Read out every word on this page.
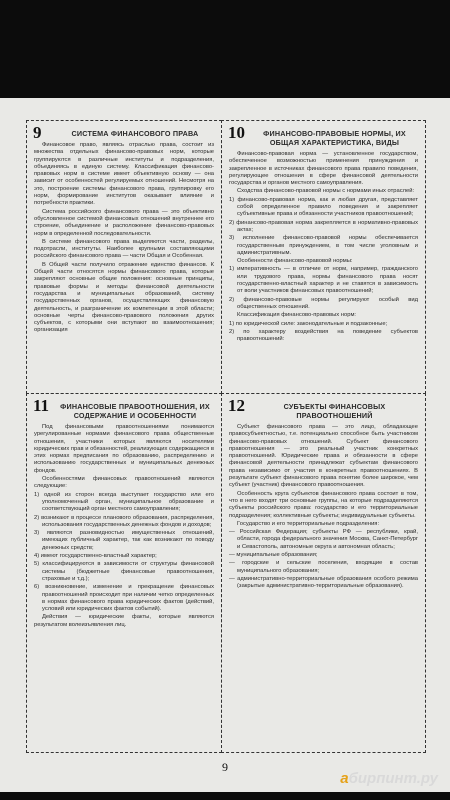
9	СИСТЕМА ФИНАНСОВОГО ПРАВА

Финансовое право, являясь отраслью права, состоит из множества отдельных финансово-правовых норм, которые группируются в различные институты и подразделения, объединяясь в единую систему. Классификация финансово-правовых норм в системе имеет объективную основу — она зависит от особенностей регулируемых отношений. Несмотря на это, построение системы финансового права, группировку его норм, формирование институтов оказывает влияние и потребности практики.

Система российского финансового права — это объективно обусловленное системой финансовых отношений внутреннее его строение, объединение и расположение финансово-правовых норм в определенной последовательности.

В системе финансового права выделяются части, разделы, подотрасли, институты. Наиболее крупными составляющими российского финансового права — части Общая и Особенная.

В Общей части получило отражение единство финансов. К Общей части относятся нормы финансового права, которые закрепляют основные общие положения: основные принципы, правовые формы и методы финансовой деятельности государства и муниципальных образований, систему государственных органов, осуществляющих финансовую деятельность, и разграничение их компетенции в этой области; основные черты финансово-правового положения других субъектов, с которыми они вступают во взаимоотношения; организация

10	ФИНАНСОВО-ПРАВОВЫЕ НОРМЫ, ИХ ОБЩАЯ ХАРАКТЕРИСТИКА, ВИДЫ

Финансово-правовая норма — установленное государством, обеспеченное возможностью применения принуждения и закрепленное в источниках финансового права правило поведения, регулирующее отношения в сфере финансовой деятельности государства и органов местного самоуправления.

Сходства финансово-правовой нормы с нормами иных отраслей:

1) финансово-правовая норма, как и любая другая, представляет собой определенное правило поведения и закрепляет субъективные права и обязанности участников правоотношений;

2) финансово-правовая норма закрепляется в нормативно-правовых актах;

3) исполнение финансово-правовой нормы обеспечивается государственным принуждением, в том числе уголовным и административным.

Особенности финансово-правовой нормы:

1) императивность — в отличие от норм, например, гражданского или трудового права, нормы финансового права носят государственно-властный характер и не ставятся в зависимость от воли участников финансовых правоотношений;

2) финансово-правовые нормы регулируют особый вид общественных отношений.

Классификация финансово-правовых норм:

1) по юридической силе: законодательные и подзаконные;

2) по характеру воздействия на поведение субъектов правоотношений:

11	ФИНАНСОВЫЕ ПРАВООТНОШЕНИЯ, ИХ СОДЕРЖАНИЕ И ОСОБЕННОСТИ

Под финансовыми правоотношениями понимаются урегулированные нормами финансового права общественные отношения, участники которых являются носителями юридических прав и обязанностей, реализующих содержащиеся в этих нормах предписания по образованию, распределению и использованию государственных и муниципальных денежных фондов.

Особенностями финансовых правоотношений являются следующие:

1) одной из сторон всегда выступает государство или его уполномоченный орган, муниципальное образование и соответствующий орган местного самоуправления;

2) возникают в процессе планового образования, распределения, использования государственных денежных фондов и доходов;

3) являются разновидностью имущественных отношений, имеющих публичный характер, так как возникают по поводу денежных средств;

4) имеют государственно-властный характер;

5) классифицируются в зависимости от структуры финансовой системы (бюджетные финансовые правоотношения, страховые и т.д.);

6) возникновение, изменение и прекращение финансовых правоотношений происходит при наличии четко определенных в нормах финансового права юридических фактов (действий, условий или юридических фактов событий).

Действия — юридические факты, которые являются результатом волеизъявления лиц.

12	СУБЪЕКТЫ ФИНАНСОВЫХ ПРАВООТНОШЕНИЙ

Субъект финансового права — это лицо, обладающее правосубъектностью, т.е. потенциально способное быть участником финансово-правовых отношений. Субъект финансового правоотношения — это реальный участник конкретных правоотношений. Юридические права и обязанности в сфере финансовой деятельности принадлежат субъектам финансового права независимо от участия в конкретных правоотношениях. В результате субъект финансового права понятие более широкое, чем субъект (участник) финансового правоотношения.

Особенность круга субъектов финансового права состоит в том, что в него входят три основные группы, на которые подразделяются субъекты российского права: государство и его территориальные подразделения; коллективные субъекты; индивидуальные субъекты.

Государство и его территориальные подразделения:

— Российская Федерация; субъекты РФ — республики, край, области, города федерального значения Москва, Санкт-Петербург и Севастополь, автономные округа и автономная область;

— муниципальные образования;

— городские и сельские поселения, входящие в состав муниципального образования;

— административно-территориальные образования особого режима (закрытые административно-территориальные образования).

9
абирпинт.ру
